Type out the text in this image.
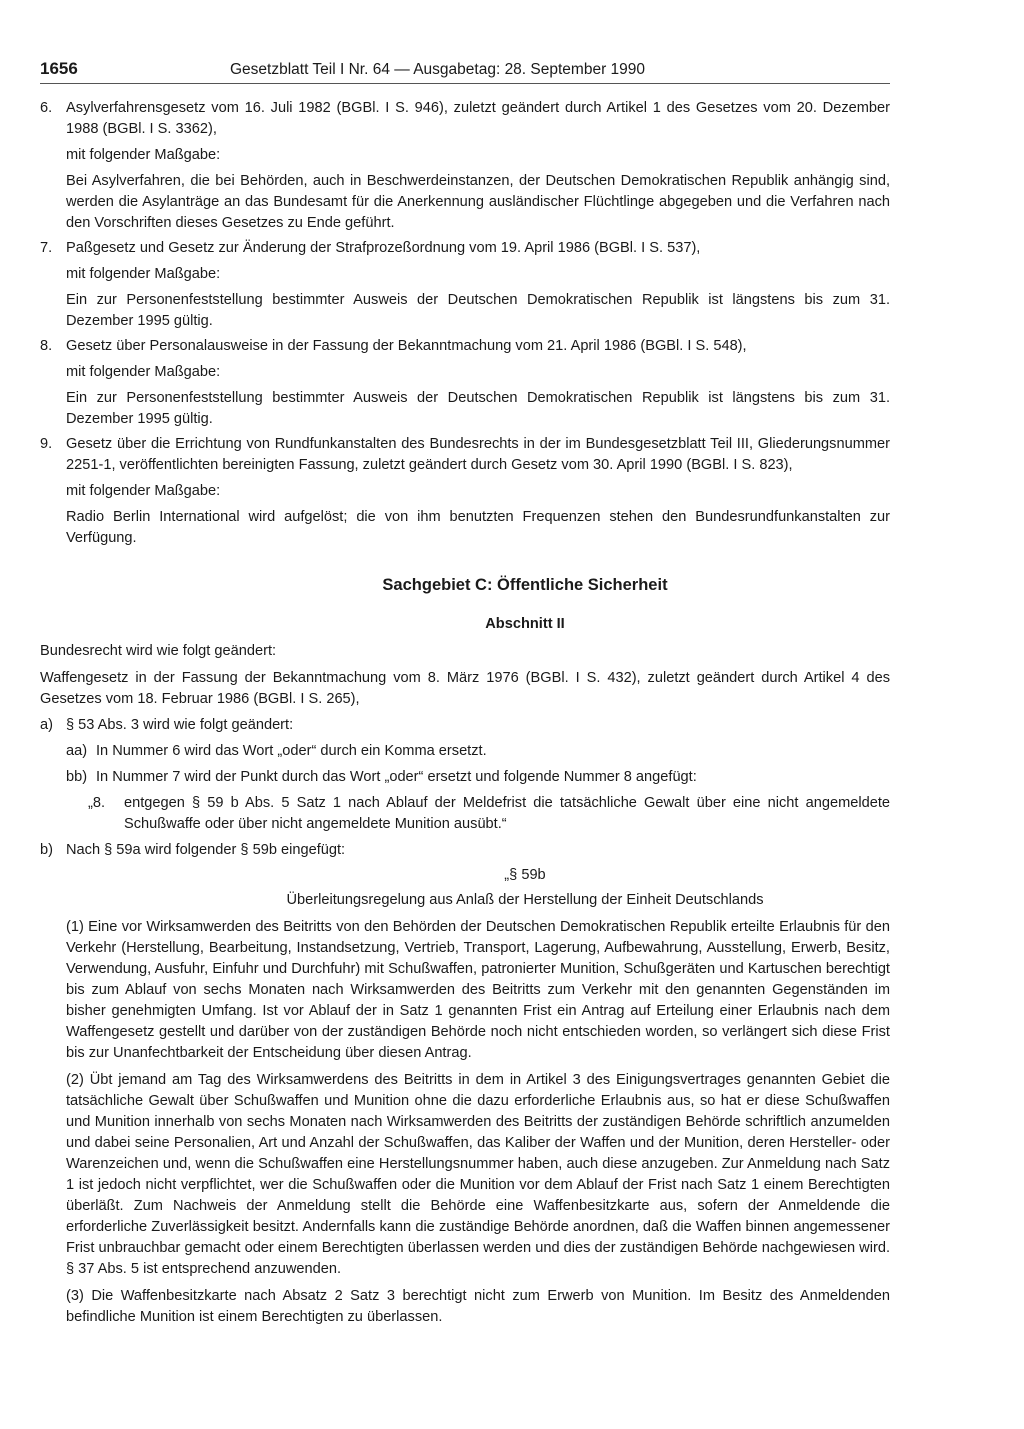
1656	Gesetzblatt Teil I Nr. 64 — Ausgabetag: 28. September 1990
6. Asylverfahrensgesetz vom 16. Juli 1982 (BGBl. I S. 946), zuletzt geändert durch Artikel 1 des Gesetzes vom 20. Dezember 1988 (BGBl. I S. 3362),
mit folgender Maßgabe:
Bei Asylverfahren, die bei Behörden, auch in Beschwerdeinstanzen, der Deutschen Demokratischen Republik anhängig sind, werden die Asylanträge an das Bundesamt für die Anerkennung ausländischer Flüchtlinge abgegeben und die Verfahren nach den Vorschriften dieses Gesetzes zu Ende geführt.
7. Paßgesetz und Gesetz zur Änderung der Strafprozeßordnung vom 19. April 1986 (BGBl. I S. 537),
mit folgender Maßgabe:
Ein zur Personenfeststellung bestimmter Ausweis der Deutschen Demokratischen Republik ist längstens bis zum 31. Dezember 1995 gültig.
8. Gesetz über Personalausweise in der Fassung der Bekanntmachung vom 21. April 1986 (BGBl. I S. 548),
mit folgender Maßgabe:
Ein zur Personenfeststellung bestimmter Ausweis der Deutschen Demokratischen Republik ist längstens bis zum 31. Dezember 1995 gültig.
9. Gesetz über die Errichtung von Rundfunkanstalten des Bundesrechts in der im Bundesgesetzblatt Teil III, Gliederungsnummer 2251-1, veröffentlichten bereinigten Fassung, zuletzt geändert durch Gesetz vom 30. April 1990 (BGBl. I S. 823),
mit folgender Maßgabe:
Radio Berlin International wird aufgelöst; die von ihm benutzten Frequenzen stehen den Bundesrundfunkanstalten zur Verfügung.
Sachgebiet C: Öffentliche Sicherheit
Abschnitt II

Bundesrecht wird wie folgt geändert:

Waffengesetz in der Fassung der Bekanntmachung vom 8. März 1976 (BGBl. I S. 432), zuletzt geändert durch Artikel 4 des Gesetzes vom 18. Februar 1986 (BGBl. I S. 265),

a) § 53 Abs. 3 wird wie folgt geändert:
aa) In Nummer 6 wird das Wort „oder“ durch ein Komma ersetzt.
bb) In Nummer 7 wird der Punkt durch das Wort „oder“ ersetzt und folgende Nummer 8 angefügt:
„8.	entgegen § 59 b Abs. 5 Satz 1 nach Ablauf der Meldefrist die tatsächliche Gewalt über eine nicht angemeldete Schußwaffe oder über nicht angemeldete Munition ausübt.“
b) Nach § 59a wird folgender § 59b eingefügt:
„§ 59b
Überleitungsregelung aus Anlaß der Herstellung der Einheit Deutschlands
(1) Eine vor Wirksamwerden des Beitritts von den Behörden der Deutschen Demokratischen Republik erteilte Erlaubnis für den Verkehr (Herstellung, Bearbeitung, Instandsetzung, Vertrieb, Transport, Lagerung, Aufbewahrung, Ausstellung, Erwerb, Besitz, Verwendung, Ausfuhr, Einfuhr und Durchfuhr) mit Schußwaffen, patronierter Munition, Schußgeräten und Kartuschen berechtigt bis zum Ablauf von sechs Monaten nach Wirksamwerden des Beitritts zum Verkehr mit den genannten Gegenständen im bisher genehmigten Umfang. Ist vor Ablauf der in Satz 1 genannten Frist ein Antrag auf Erteilung einer Erlaubnis nach dem Waffengesetz gestellt und darüber von der zuständigen Behörde noch nicht entschieden worden, so verlängert sich diese Frist bis zur Unanfechtbarkeit der Entscheidung über diesen Antrag.
(2) Übt jemand am Tag des Wirksamwerdens des Beitritts in dem in Artikel 3 des Einigungsvertrages genannten Gebiet die tatsächliche Gewalt über Schußwaffen und Munition ohne die dazu erforderliche Erlaubnis aus, so hat er diese Schußwaffen und Munition innerhalb von sechs Monaten nach Wirksamwerden des Beitritts der zuständigen Behörde schriftlich anzumelden und dabei seine Personalien, Art und Anzahl der Schußwaffen, das Kaliber der Waffen und der Munition, deren Hersteller- oder Warenzeichen und, wenn die Schußwaffen eine Herstellungsnummer haben, auch diese anzugeben. Zur Anmeldung nach Satz 1 ist jedoch nicht verpflichtet, wer die Schußwaffen oder die Munition vor dem Ablauf der Frist nach Satz 1 einem Berechtigten überläßt. Zum Nachweis der Anmeldung stellt die Behörde eine Waffenbesitzkarte aus, sofern der Anmeldende die erforderliche Zuverlässigkeit besitzt. Andernfalls kann die zuständige Behörde anordnen, daß die Waffen binnen angemessener Frist unbrauchbar gemacht oder einem Berechtigten überlassen werden und dies der zuständigen Behörde nachgewiesen wird. § 37 Abs. 5 ist entsprechend anzuwenden.
(3) Die Waffenbesitzkarte nach Absatz 2 Satz 3 berechtigt nicht zum Erwerb von Munition. Im Besitz des Anmeldenden befindliche Munition ist einem Berechtigten zu überlassen.
